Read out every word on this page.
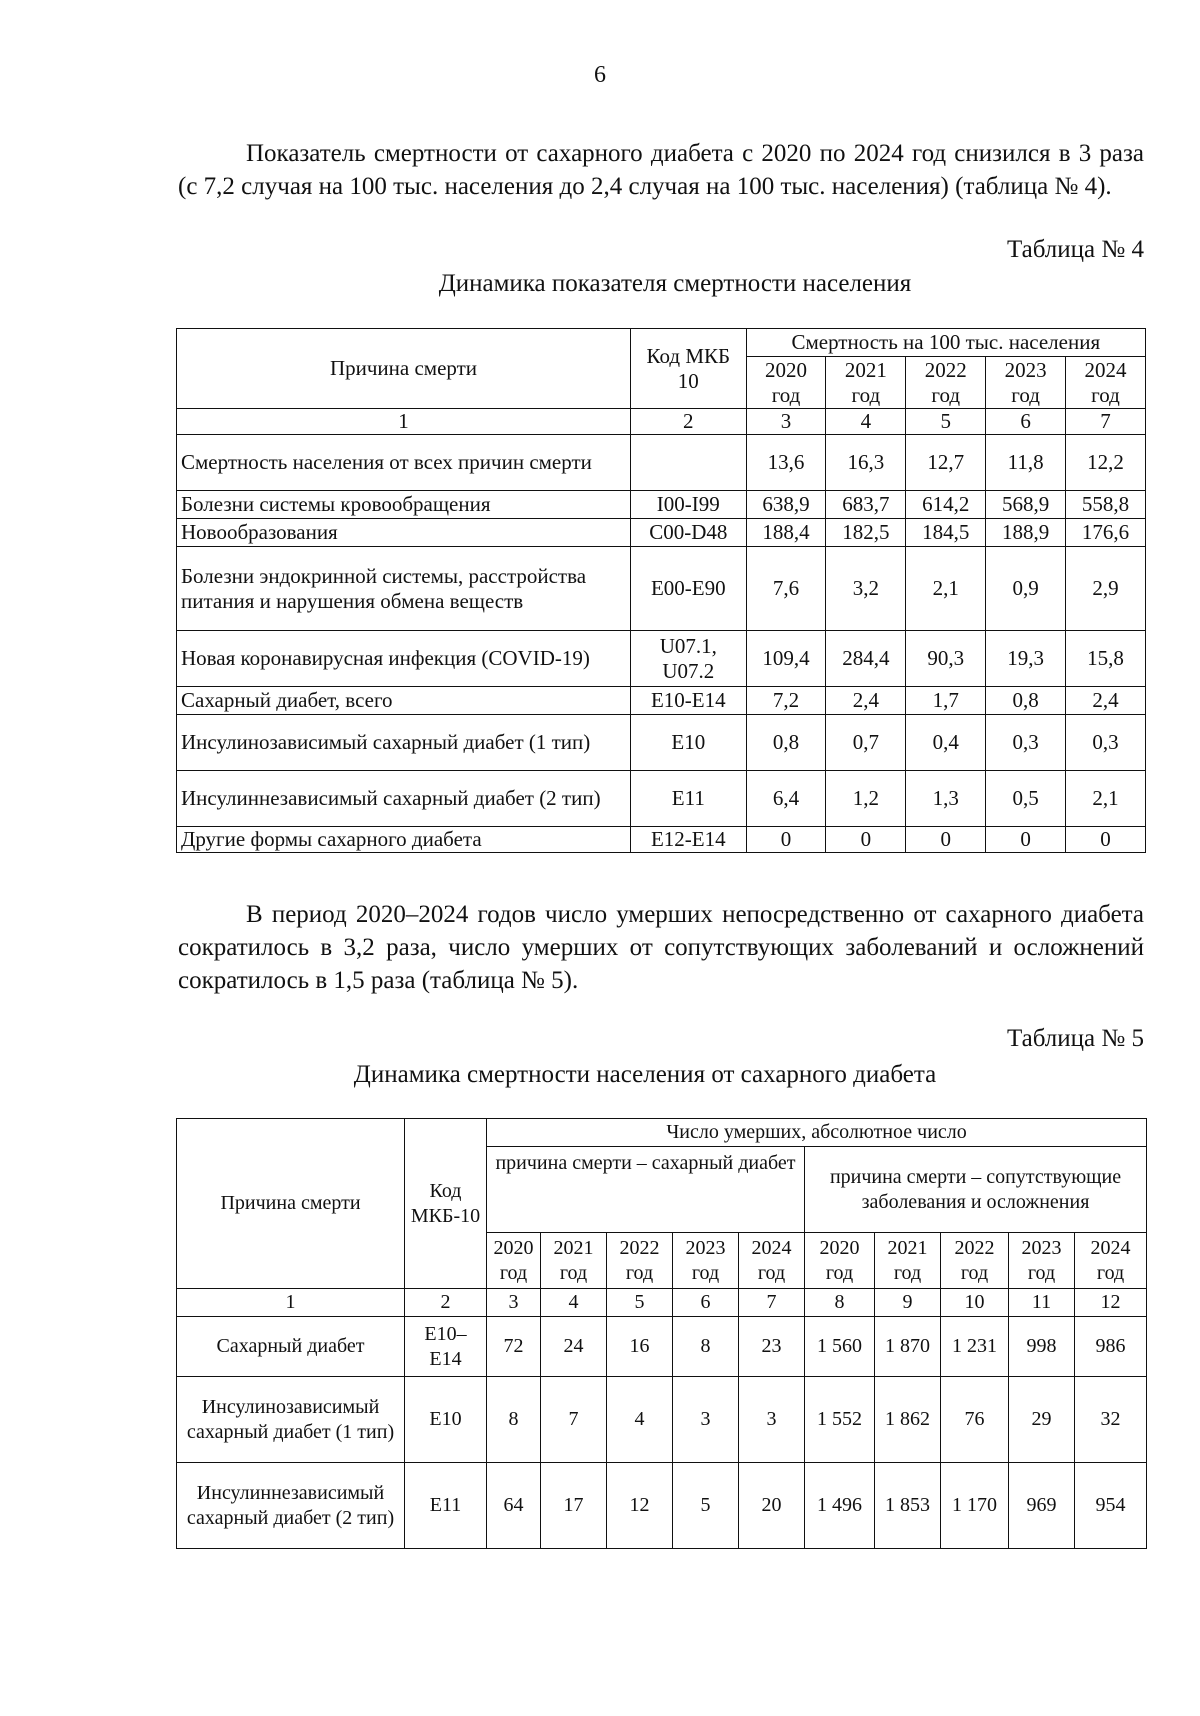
6

Показатель смертности от сахарного диабета с 2020 по 2024 год снизился в 3 раза (с 7,2 случая на 100 тыс. населения до 2,4 случая на 100 тыс. населения) (таблица № 4).

Таблица № 4
Динамика показателя смертности населения
Причина смерти	Код МКБ 10	Смертность на 100 тыс. населения				
		2020 год	2021 год	2022 год	2023 год	2024 год
1	2	3	4	5	6	7
Смертность населения от всех причин смерти		13,6	16,3	12,7	11,8	12,2
Болезни системы кровообращения	I00-I99	638,9	683,7	614,2	568,9	558,8
Новообразования	C00-D48	188,4	182,5	184,5	188,9	176,6
Болезни эндокринной системы, расстройства питания и нарушения обмена веществ	E00-E90	7,6	3,2	2,1	0,9	2,9
Новая коронавирусная инфекция (COVID-19)	U07.1, U07.2	109,4	284,4	90,3	19,3	15,8
Сахарный диабет, всего	E10-E14	7,2	2,4	1,7	0,8	2,4
Инсулинозависимый сахарный диабет (1 тип)	E10	0,8	0,7	0,4	0,3	0,3
Инсулиннезависимый сахарный диабет (2 тип)	E11	6,4	1,2	1,3	0,5	2,1
Другие формы сахарного диабета	E12-E14	0	0	0	0	0

В период 2020–2024 годов число умерших непосредственно от сахарного диабета сократилось в 3,2 раза, число умерших от сопутствующих заболеваний и осложнений сократилось в 1,5 раза (таблица № 5).

Таблица № 5
Динамика смертности населения от сахарного диабета
Причина смерти	Код МКБ-10	Число умерших, абсолютное число									
		причина смерти – сахарный диабет					причина смерти – сопутствующие заболевания и осложнения				
		2020 год	2021 год	2022 год	2023 год	2024 год	2020 год	2021 год	2022 год	2023 год	2024 год
1	2	3	4	5	6	7	8	9	10	11	12
Сахарный диабет	E10– E14	72	24	16	8	23	1 560	1 870	1 231	998	986
Инсулинозависимый сахарный диабет (1 тип)	E10	8	7	4	3	3	1 552	1 862	76	29	32
Инсулиннезависимый сахарный диабет (2 тип)	E11	64	17	12	5	20	1 496	1 853	1 170	969	954
